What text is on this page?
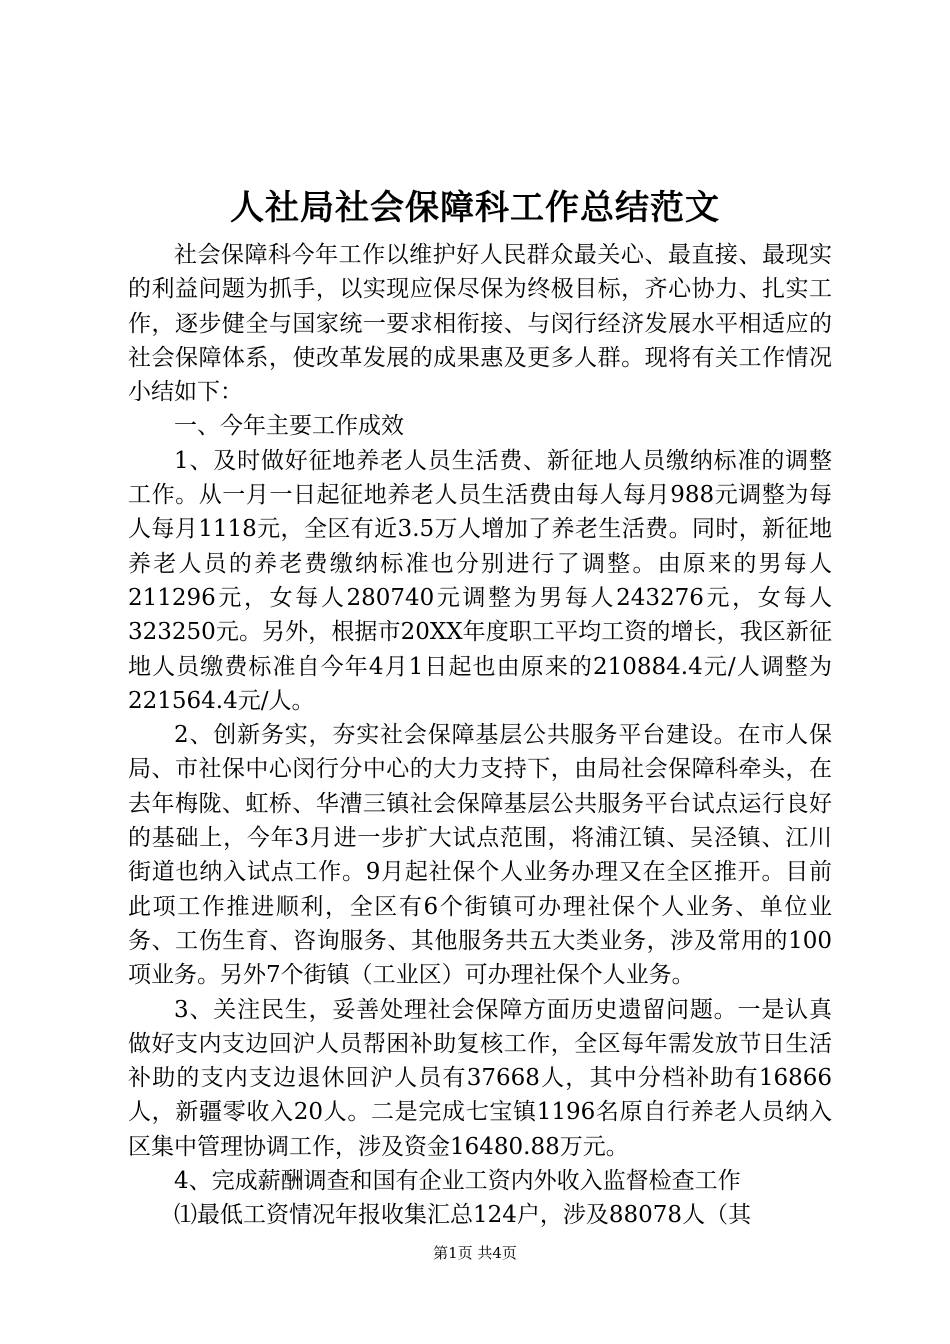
人社局社会保障科工作总结范文

社会保障科今年工作以维护好人民群众最关心、最直接、最现实的利益问题为抓手，以实现应保尽保为终极目标，齐心协力、扎实工作，逐步健全与国家统一要求相衔接、与闵行经济发展水平相适应的社会保障体系，使改革发展的成果惠及更多人群。现将有关工作情况小结如下：

一、今年主要工作成效

1、及时做好征地养老人员生活费、新征地人员缴纳标准的调整工作。从一月一日起征地养老人员生活费由每人每月988元调整为每人每月1118元，全区有近3.5万人增加了养老生活费。同时，新征地养老人员的养老费缴纳标准也分别进行了调整。由原来的男每人211296元，女每人280740元调整为男每人243276元，女每人323250元。另外，根据市20XX年度职工平均工资的增长，我区新征地人员缴费标准自今年4月1日起也由原来的210884.4元/人调整为221564.4元/人。

2、创新务实，夯实社会保障基层公共服务平台建设。在市人保局、市社保中心闵行分中心的大力支持下，由局社会保障科牵头，在去年梅陇、虹桥、华漕三镇社会保障基层公共服务平台试点运行良好的基础上，今年3月进一步扩大试点范围，将浦江镇、吴泾镇、江川街道也纳入试点工作。9月起社保个人业务办理又在全区推开。目前此项工作推进顺利，全区有6个街镇可办理社保个人业务、单位业务、工伤生育、咨询服务、其他服务共五大类业务，涉及常用的100项业务。另外7个街镇（工业区）可办理社保个人业务。

3、关注民生，妥善处理社会保障方面历史遗留问题。一是认真做好支内支边回沪人员帮困补助复核工作，全区每年需发放节日生活补助的支内支边退休回沪人员有37668人，其中分档补助有16866人，新疆零收入20人。二是完成七宝镇1196名原自行养老人员纳入区集中管理协调工作，涉及资金16480.88万元。

4、完成薪酬调查和国有企业工资内外收入监督检查工作

⑴最低工资情况年报收集汇总124户，涉及88078人（其

第1页 共4页
